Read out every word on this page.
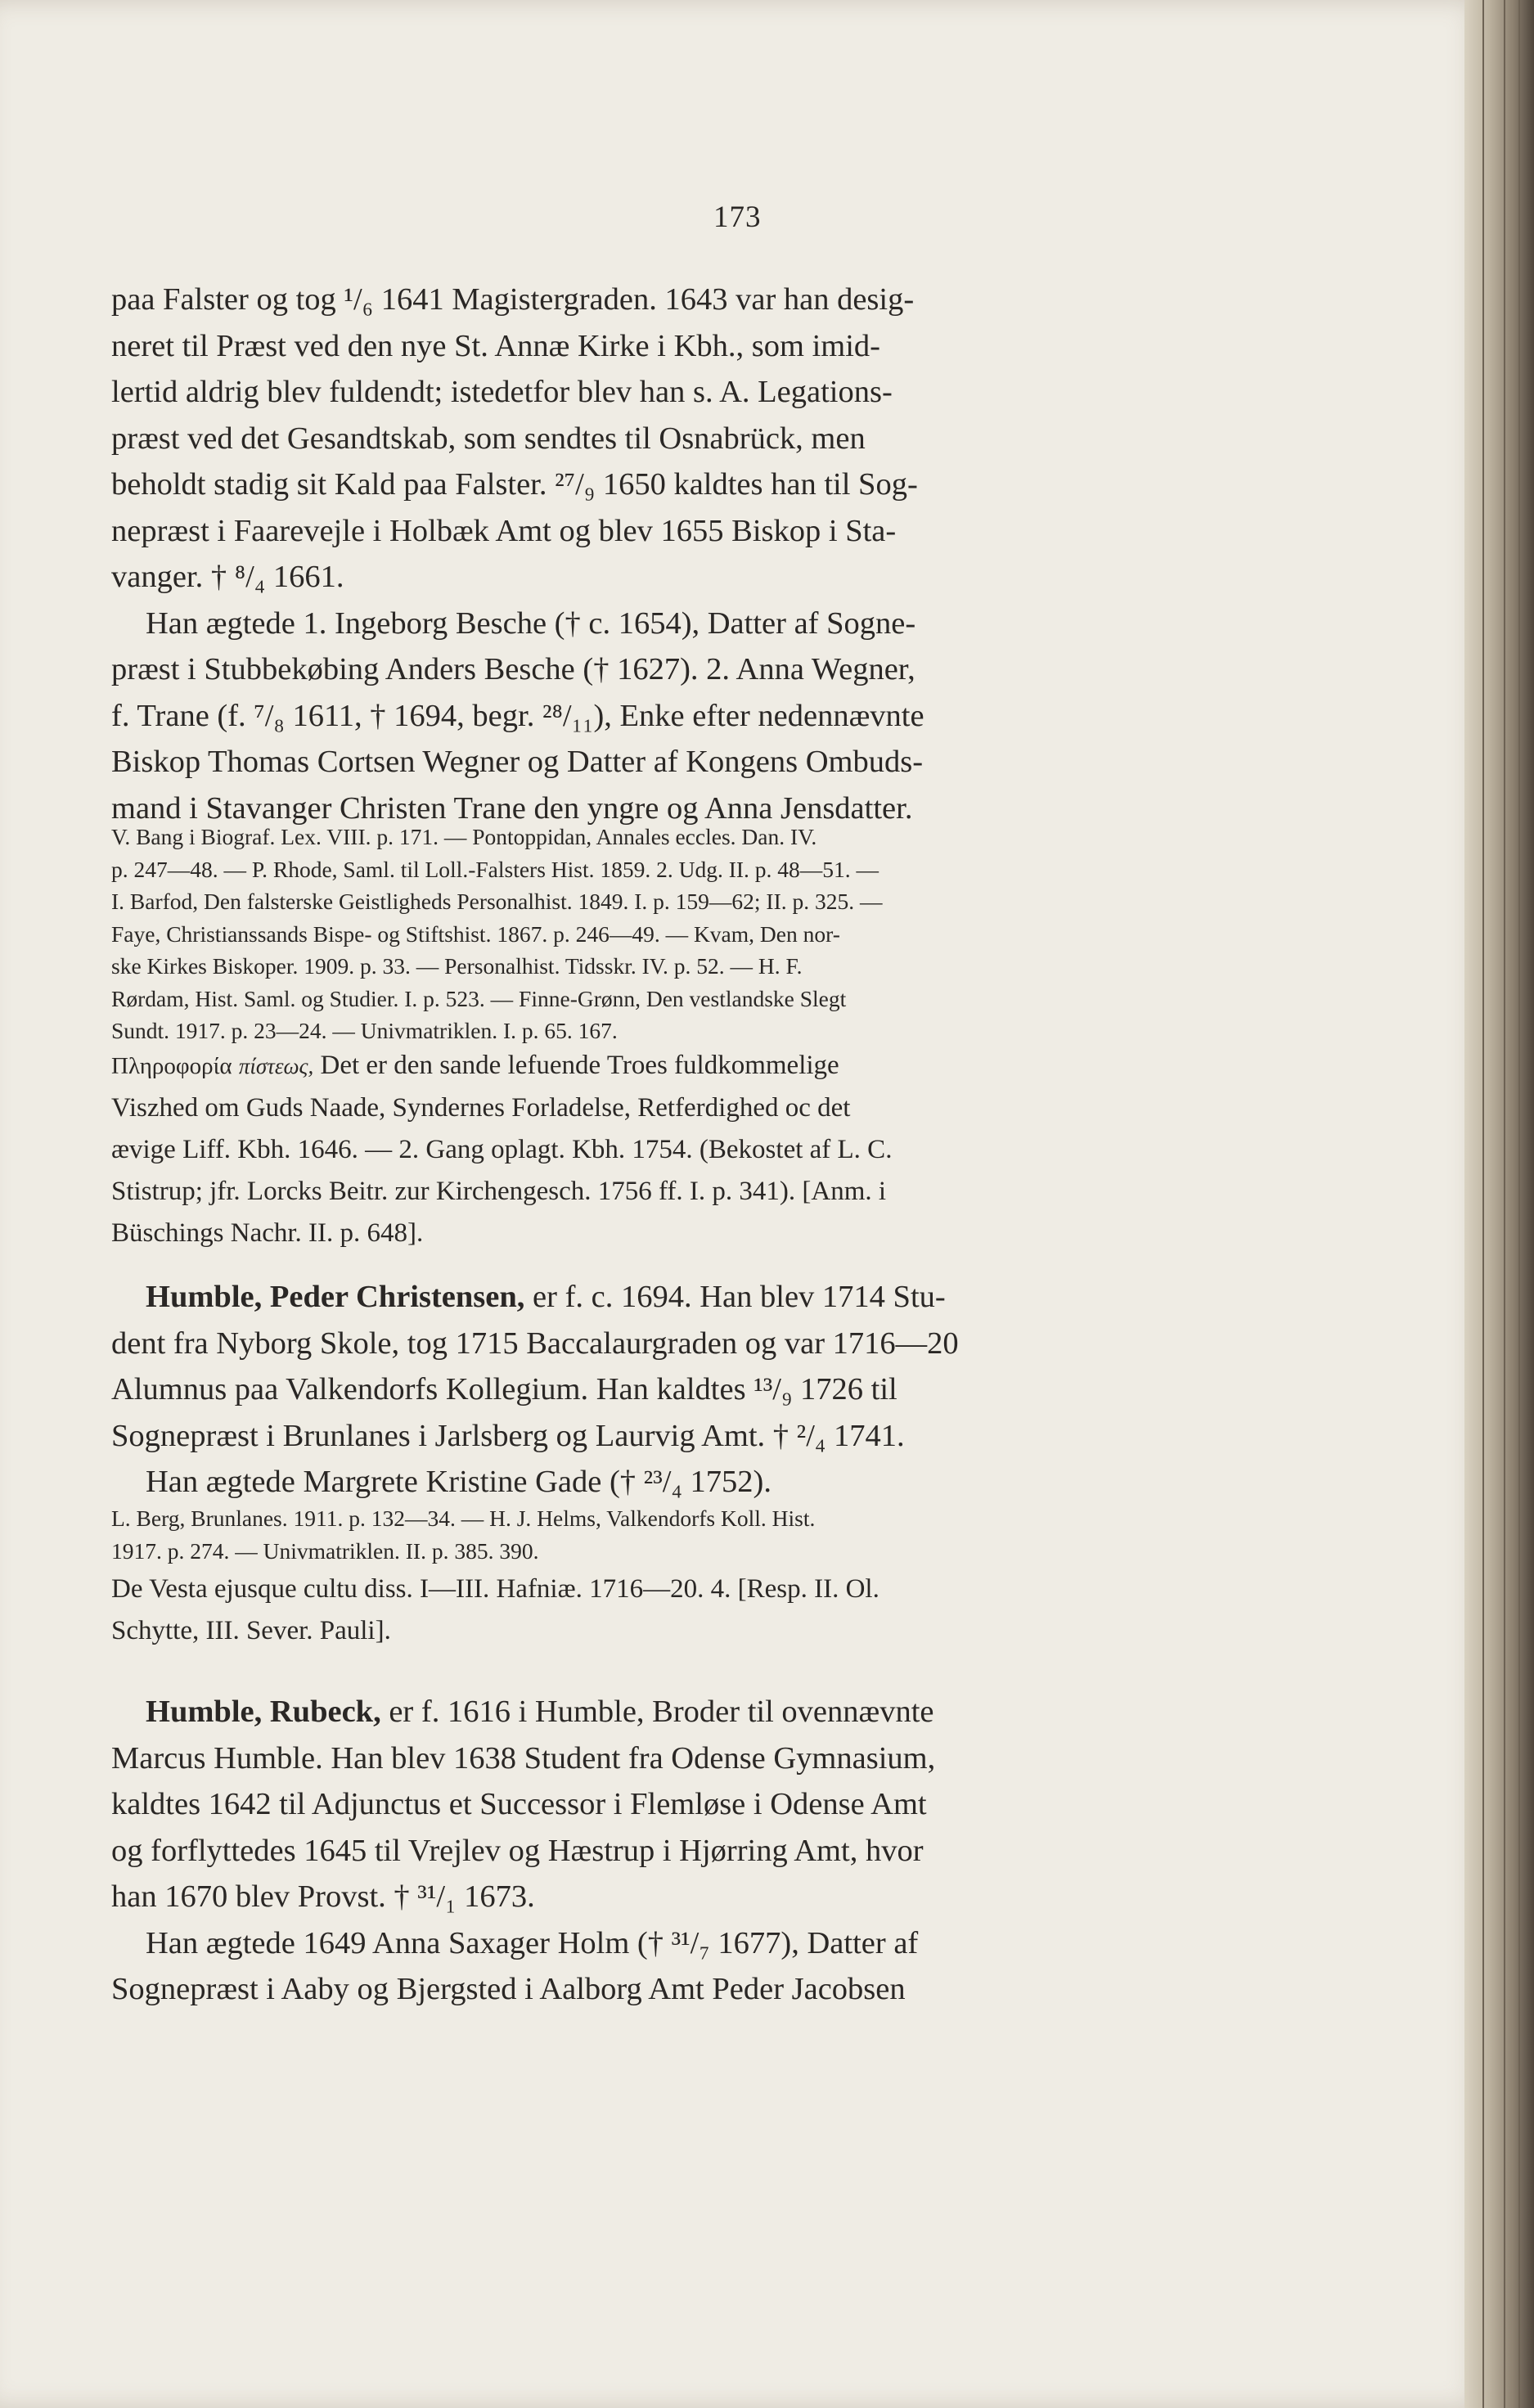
173

paa Falster og tog ¹/₆ 1641 Magistergraden. 1643 var han desig-
neret til Præst ved den nye St. Annæ Kirke i Kbh., som imid-
lertid aldrig blev fuldendt; istedetfor blev han s. A. Legations-
præst ved det Gesandtskab, som sendtes til Osnabrück, men
beholdt stadig sit Kald paa Falster. ²⁷/₉ 1650 kaldtes han til Sog-
nepræst i Faarevejle i Holbæk Amt og blev 1655 Biskop i Sta-
vanger. † ⁸/₄ 1661.
Han ægtede 1. Ingeborg Besche († c. 1654), Datter af Sogne-
præst i Stubbekøbing Anders Besche († 1627). 2. Anna Wegner,
f. Trane (f. ⁷/₈ 1611, † 1694, begr. ²⁸/₁₁), Enke efter nedennævnte
Biskop Thomas Cortsen Wegner og Datter af Kongens Ombuds-
mand i Stavanger Christen Trane den yngre og Anna Jensdatter.

V. Bang i Biograf. Lex. VIII. p. 171. — Pontoppidan, Annales eccles. Dan. IV.
p. 247—48. — P. Rhode, Saml. til Loll.-Falsters Hist. 1859. 2. Udg. II. p. 48—51. —
I. Barfod, Den falsterske Geistligheds Personalhist. 1849. I. p. 159—62; II. p. 325. —
Faye, Christianssands Bispe- og Stiftshist. 1867. p. 246—49. — Kvam, Den nor-
ske Kirkes Biskoper. 1909. p. 33. — Personalhist. Tidsskr. IV. p. 52. — H. F.
Rørdam, Hist. Saml. og Studier. I. p. 523. — Finne-Grønn, Den vestlandske Slegt
Sundt. 1917. p. 23—24. — Univmatriklen. I. p. 65. 167.

Πληροφορία πίστεως, Det er den sande lefuende Troes fuldkommelige
Viszhed om Guds Naade, Syndernes Forladelse, Retferdighed oc det
ævige Liff. Kbh. 1646. — 2. Gang oplagt. Kbh. 1754. (Bekostet af L. C.
Stistrup; jfr. Lorcks Beitr. zur Kirchengesch. 1756 ff. I. p. 341). [Anm. i
Büschings Nachr. II. p. 648].

Humble, Peder Christensen, er f. c. 1694. Han blev 1714 Stu-
dent fra Nyborg Skole, tog 1715 Baccalaurgraden og var 1716—20
Alumnus paa Valkendorfs Kollegium. Han kaldtes ¹³/₉ 1726 til
Sognepræst i Brunlanes i Jarlsberg og Laurvig Amt. † ²/₄ 1741.
Han ægtede Margrete Kristine Gade († ²³/₄ 1752).

L. Berg, Brunlanes. 1911. p. 132—34. — H. J. Helms, Valkendorfs Koll. Hist.
1917. p. 274. — Univmatriklen. II. p. 385. 390.

De Vesta ejusque cultu diss. I—III. Hafniæ. 1716—20. 4. [Resp. II. Ol.
Schytte, III. Sever. Pauli].

Humble, Rubeck, er f. 1616 i Humble, Broder til ovennævnte
Marcus Humble. Han blev 1638 Student fra Odense Gymnasium,
kaldtes 1642 til Adjunctus et Successor i Flemløse i Odense Amt
og forflyttedes 1645 til Vrejlev og Hæstrup i Hjørring Amt, hvor
han 1670 blev Provst. † ³¹/₁ 1673.
Han ægtede 1649 Anna Saxager Holm († ³¹/₇ 1677), Datter af
Sognepræst i Aaby og Bjergsted i Aalborg Amt Peder Jacobsen
